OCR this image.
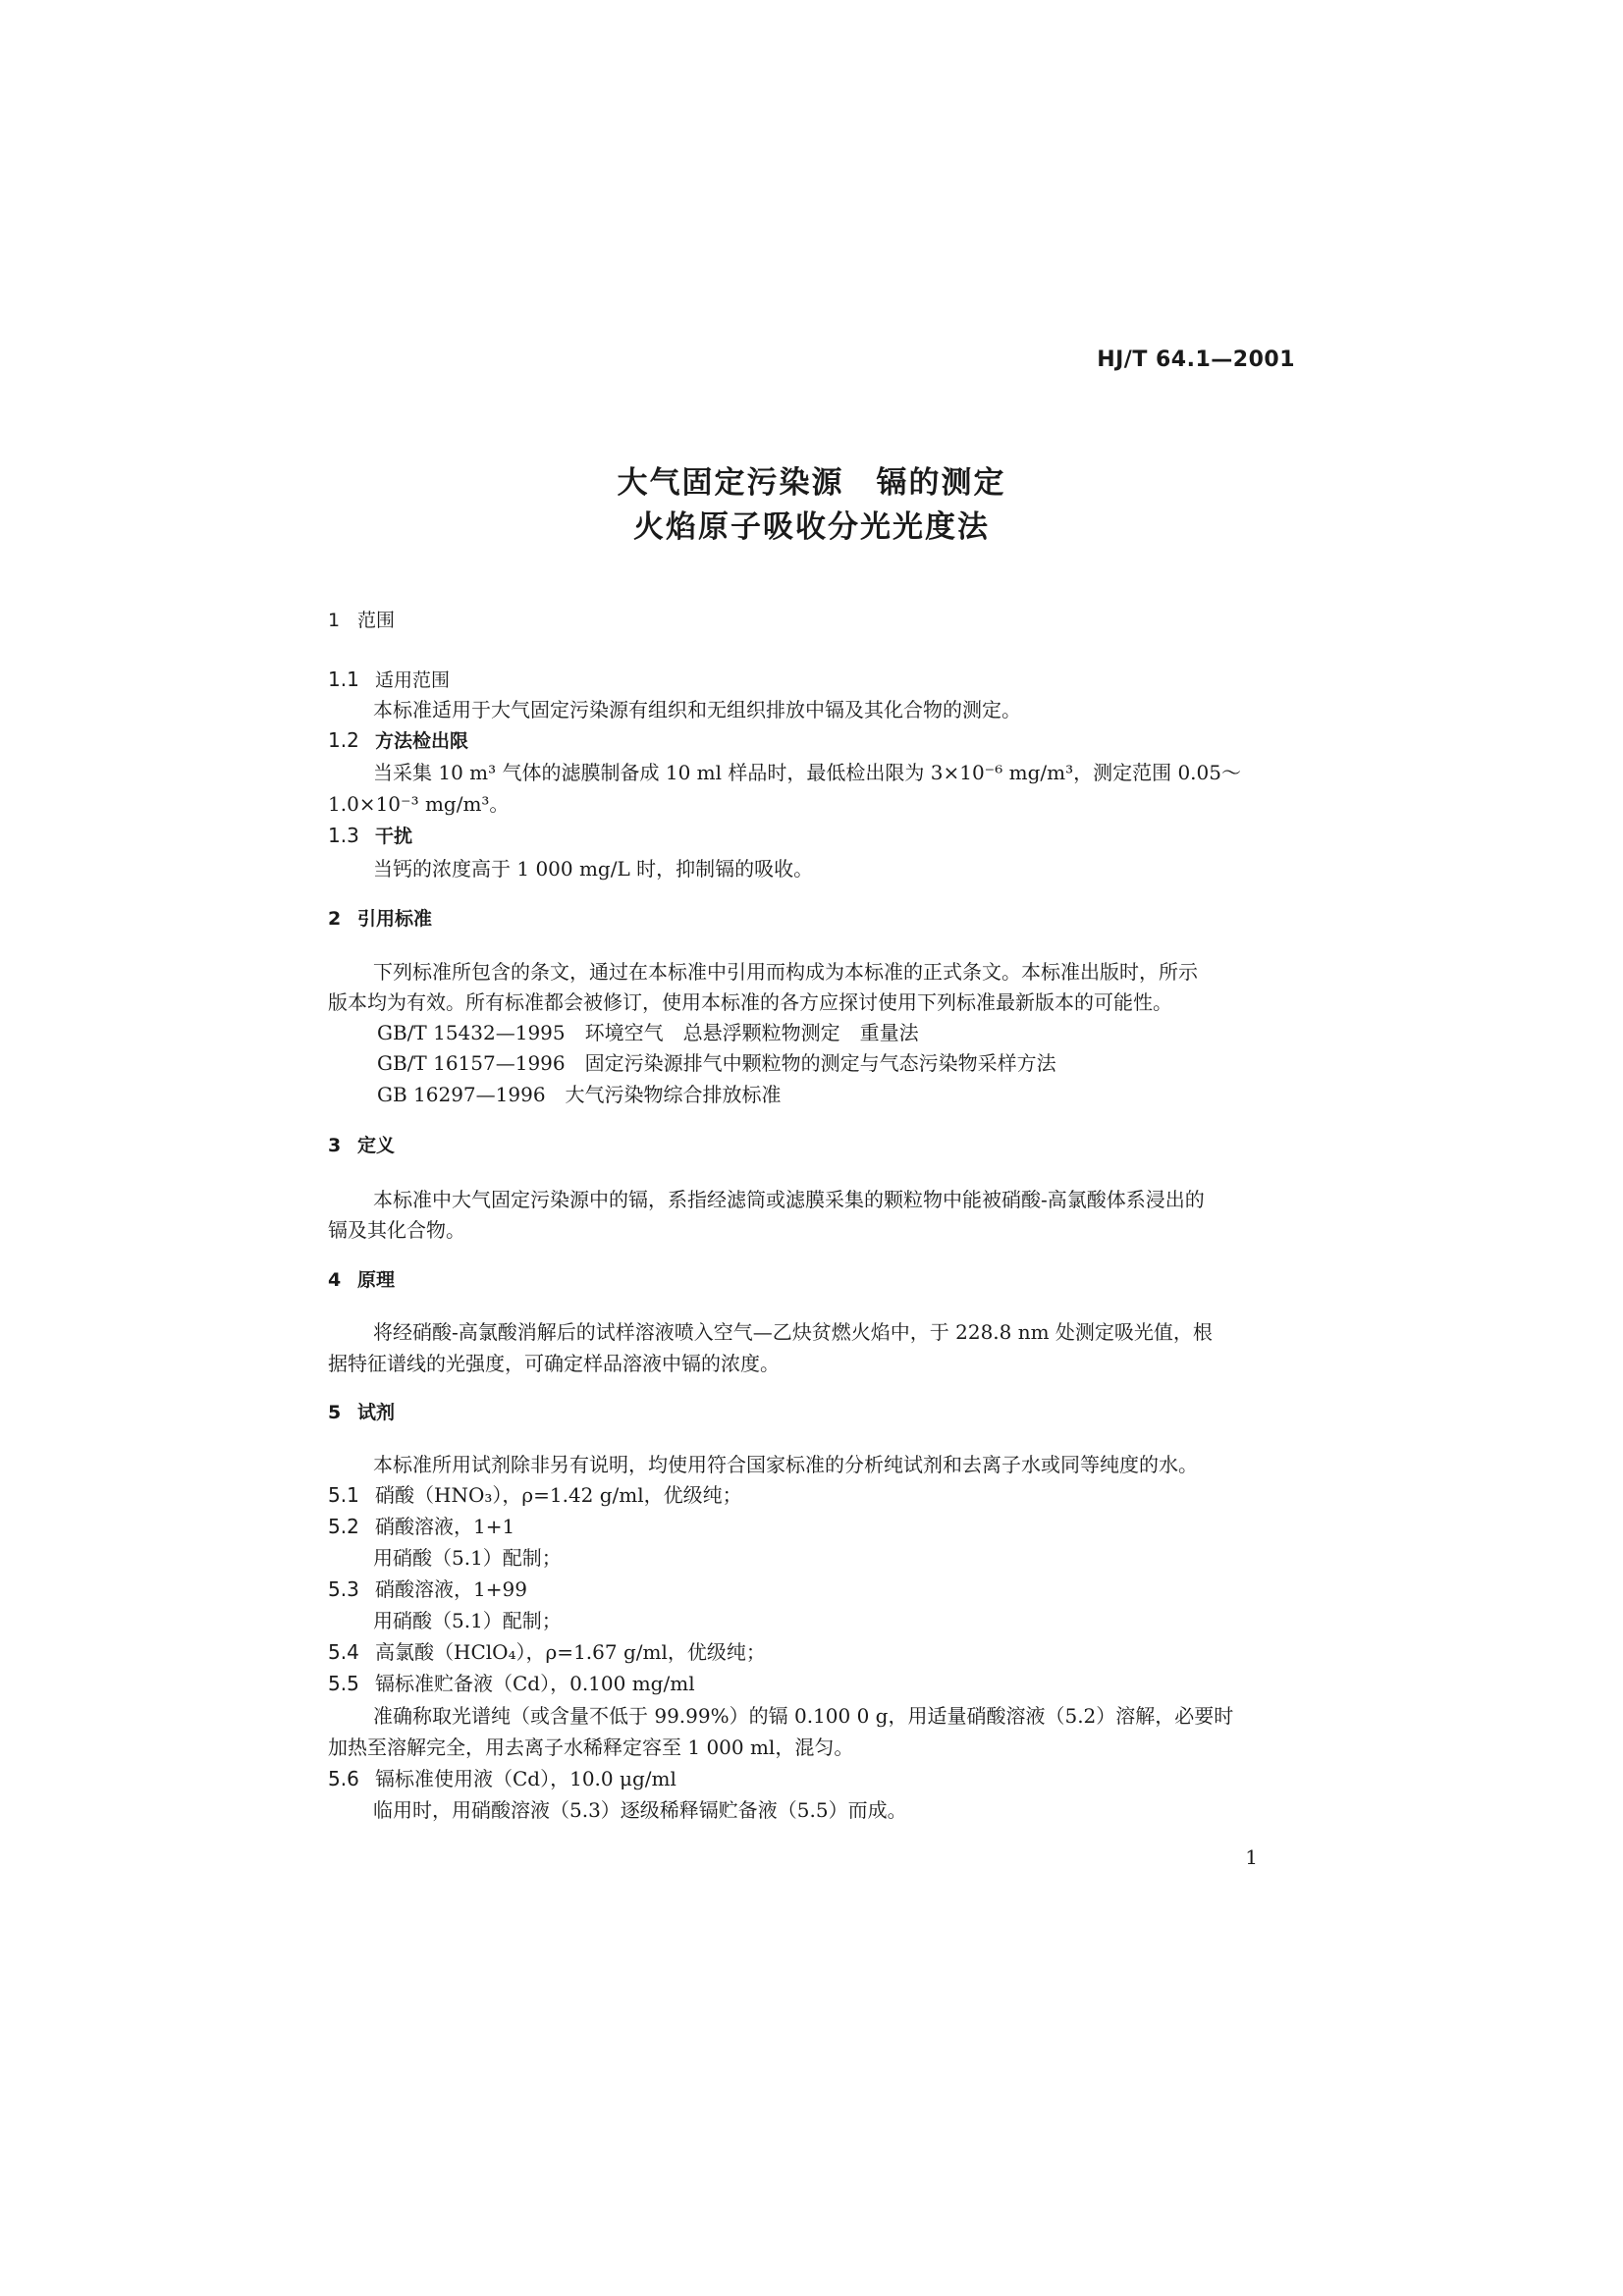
HJ/T 64.1—2001
大气固定污染源　镉的测定
火焰原子吸收分光光度法
1 范围
1.1 适用范围
本标准适用于大气固定污染源有组织和无组织排放中镉及其化合物的测定。
1.2 方法检出限
当采集 10 m³ 气体的滤膜制备成 10 ml 样品时，最低检出限为 3×10⁻⁶ mg/m³，测定范围 0.05～
1.0×10⁻³ mg/m³。
1.3 干扰
当钙的浓度高于 1 000 mg/L 时，抑制镉的吸收。
2 引用标准
下列标准所包含的条文，通过在本标准中引用而构成为本标准的正式条文。本标准出版时，所示
版本均为有效。所有标准都会被修订，使用本标准的各方应探讨使用下列标准最新版本的可能性。
GB/T 15432—1995　环境空气　总悬浮颗粒物测定　重量法
GB/T 16157—1996　固定污染源排气中颗粒物的测定与气态污染物采样方法
GB 16297—1996　大气污染物综合排放标准
3 定义
本标准中大气固定污染源中的镉，系指经滤筒或滤膜采集的颗粒物中能被硝酸-高氯酸体系浸出的
镉及其化合物。
4 原理
将经硝酸-高氯酸消解后的试样溶液喷入空气—乙炔贫燃火焰中，于 228.8 nm 处测定吸光值，根
据特征谱线的光强度，可确定样品溶液中镉的浓度。
5 试剂
本标准所用试剂除非另有说明，均使用符合国家标准的分析纯试剂和去离子水或同等纯度的水。
5.1 硝酸（HNO₃），ρ=1.42 g/ml，优级纯；
5.2 硝酸溶液，1+1
用硝酸（5.1）配制；
5.3 硝酸溶液，1+99
用硝酸（5.1）配制；
5.4 高氯酸（HClO₄），ρ=1.67 g/ml，优级纯；
5.5 镉标准贮备液（Cd），0.100 mg/ml
准确称取光谱纯（或含量不低于 99.99%）的镉 0.100 0 g，用适量硝酸溶液（5.2）溶解，必要时
加热至溶解完全，用去离子水稀释定容至 1 000 ml，混匀。
5.6 镉标准使用液（Cd），10.0 μg/ml
临用时，用硝酸溶液（5.3）逐级稀释镉贮备液（5.5）而成。
1
